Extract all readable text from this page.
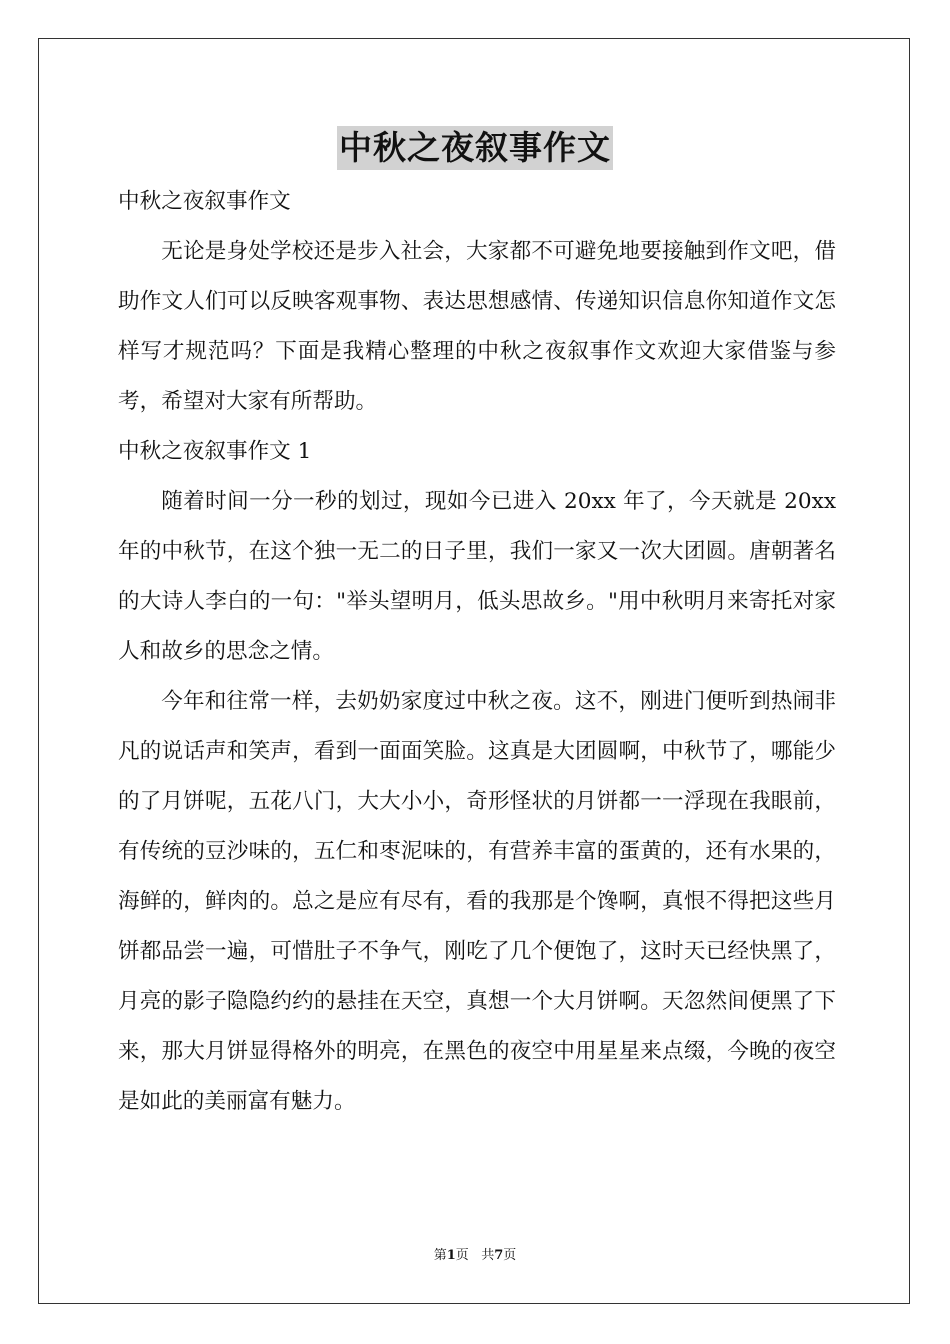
中秋之夜叙事作文

中秋之夜叙事作文

无论是身处学校还是步入社会，大家都不可避免地要接触到作文吧，借助作文人们可以反映客观事物、表达思想感情、传递知识信息你知道作文怎样写才规范吗？下面是我精心整理的中秋之夜叙事作文欢迎大家借鉴与参考，希望对大家有所帮助。

中秋之夜叙事作文 1

随着时间一分一秒的划过，现如今已进入 20xx 年了，今天就是 20xx 年的中秋节，在这个独一无二的日子里，我们一家又一次大团圆。唐朝著名的大诗人李白的一句："举头望明月，低头思故乡。"用中秋明月来寄托对家人和故乡的思念之情。

今年和往常一样，去奶奶家度过中秋之夜。这不，刚进门便听到热闹非凡的说话声和笑声，看到一面面笑脸。这真是大团圆啊，中秋节了，哪能少的了月饼呢，五花八门，大大小小，奇形怪状的月饼都一一浮现在我眼前，有传统的豆沙味的，五仁和枣泥味的，有营养丰富的蛋黄的，还有水果的，海鲜的，鲜肉的。总之是应有尽有，看的我那是个馋啊，真恨不得把这些月饼都品尝一遍，可惜肚子不争气，刚吃了几个便饱了，这时天已经快黑了，月亮的影子隐隐约约的悬挂在天空，真想一个大月饼啊。天忽然间便黑了下来，那大月饼显得格外的明亮，在黑色的夜空中用星星来点缀，今晚的夜空是如此的美丽富有魅力。

第1页 共7页
